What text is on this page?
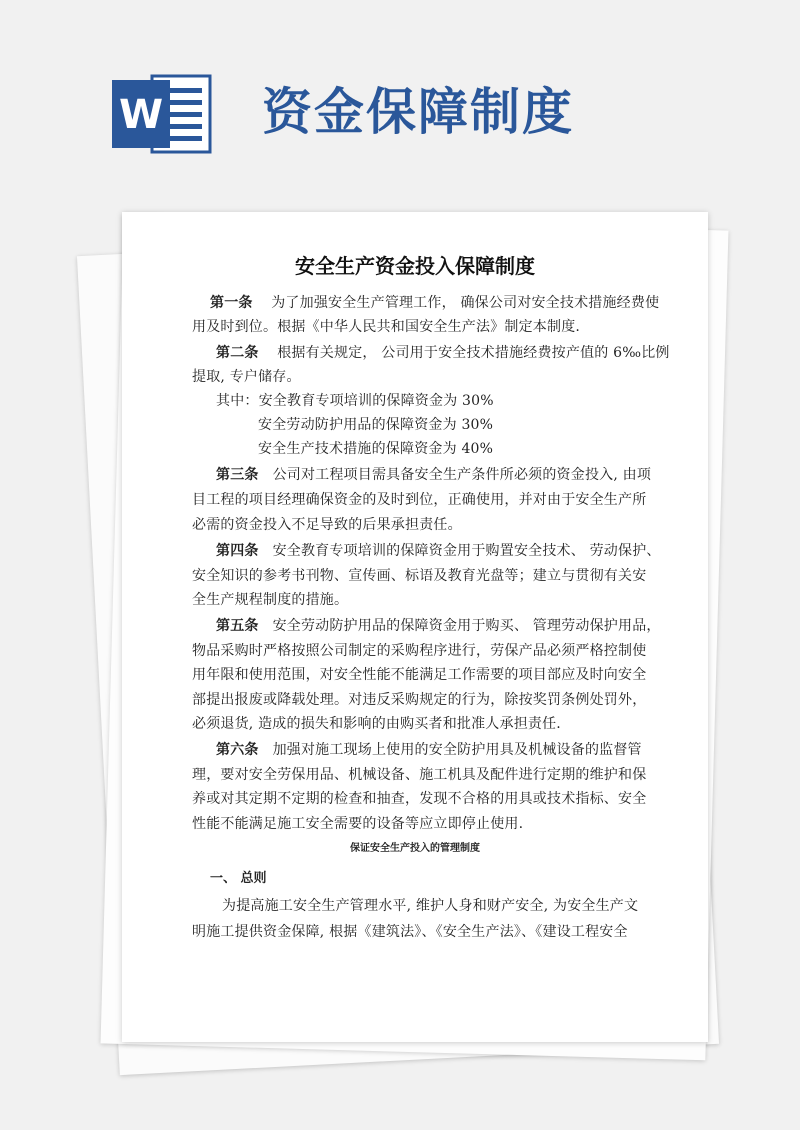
W 资金保障制度
安全生产资金投入保障制度
第一条 为了加强安全生产管理工作， 确保公司对安全技术措施经费使
用及时到位。根据《中华人民共和国安全生产法》制定本制度.
第二条 根据有关规定， 公司用于安全技术措施经费按产值的 6‰比例
提取, 专户储存。
其中：安全教育专项培训的保障资金为 30%
安全劳动防护用品的保障资金为 30%
安全生产技术措施的保障资金为 40%
第三条 公司对工程项目需具备安全生产条件所必须的资金投入, 由项
目工程的项目经理确保资金的及时到位，正确使用，并对由于安全生产所
必需的资金投入不足导致的后果承担责任。
第四条 安全教育专项培训的保障资金用于购置安全技术、 劳动保护、
安全知识的参考书刊物、宣传画、标语及教育光盘等；建立与贯彻有关安
全生产规程制度的措施。
第五条 安全劳动防护用品的保障资金用于购买、 管理劳动保护用品，
物品采购时严格按照公司制定的采购程序进行，劳保产品必须严格控制使
用年限和使用范围，对安全性能不能满足工作需要的项目部应及时向安全
部提出报废或降载处理。对违反采购规定的行为，除按奖罚条例处罚外，
必须退货, 造成的损失和影响的由购买者和批准人承担责任.
第六条 加强对施工现场上使用的安全防护用具及机械设备的监督管
理，要对安全劳保用品、机械设备、施工机具及配件进行定期的维护和保
养或对其定期不定期的检查和抽查，发现不合格的用具或技术指标、安全
性能不能满足施工安全需要的设备等应立即停止使用.
保证安全生产投入的管理制度
一、 总则
为提高施工安全生产管理水平, 维护人身和财产安全, 为安全生产文
明施工提供资金保障, 根据《建筑法》、《安全生产法》、《建设工程安全
